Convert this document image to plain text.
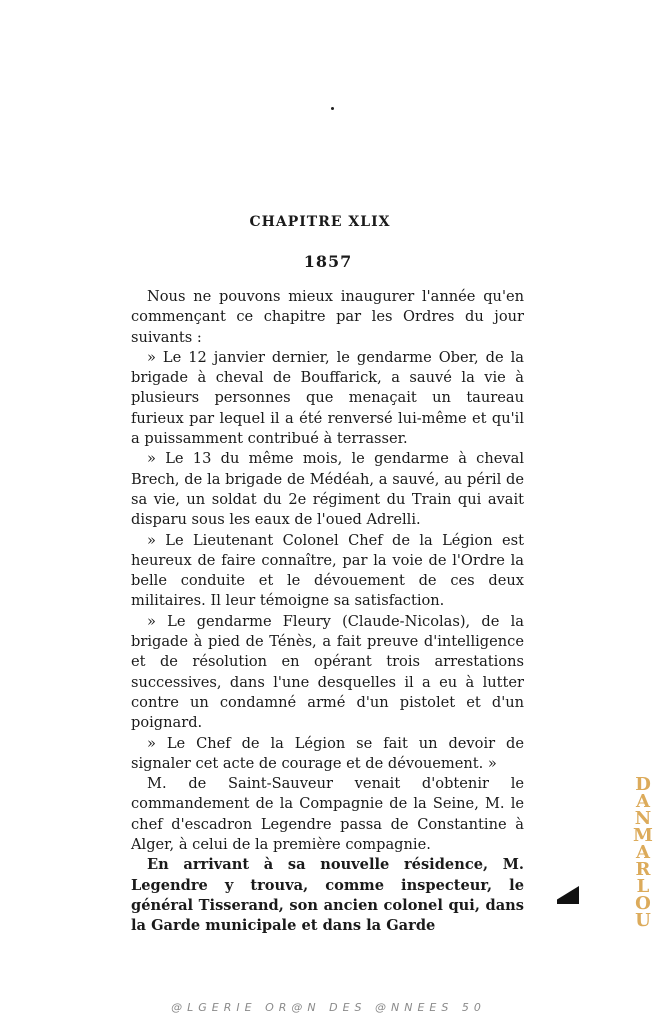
CHAPITRE XLIX
1857

Nous ne pouvons mieux inaugurer l'année qu'en commençant ce chapitre par les Ordres du jour suivants :

» Le 12 janvier dernier, le gendarme Ober, de la brigade à cheval de Bouffarick, a sauvé la vie à plusieurs personnes que menaçait un taureau furieux par lequel il a été renversé lui-même et qu'il a puissamment contribué à terrasser.

» Le 13 du même mois, le gendarme à cheval Brech, de la brigade de Médéah, a sauvé, au péril de sa vie, un soldat du 2e régiment du Train qui avait disparu sous les eaux de l'oued Adrelli.

» Le Lieutenant Colonel Chef de la Légion est heureux de faire connaître, par la voie de l'Ordre la belle conduite et le dévouement de ces deux militaires. Il leur témoigne sa satisfaction.

» Le gendarme Fleury (Claude-Nicolas), de la brigade à pied de Ténès, a fait preuve d'intelligence et de résolution en opérant trois arrestations successives, dans l'une desquelles il a eu à lutter contre un condamné armé d'un pistolet et d'un poignard.

» Le Chef de la Légion se fait un devoir de signaler cet acte de courage et de dévouement. »

M. de Saint-Sauveur venait d'obtenir le commandement de la Compagnie de la Seine, M. le chef d'escadron Legendre passa de Constantine à Alger, à celui de la première compagnie.

En arrivant à sa nouvelle résidence, M. Legendre y trouva, comme inspecteur, le général Tisserand, son ancien colonel qui, dans la Garde municipale et dans la Garde

D
A
N
M
A
R
L
O
U
@LGERIE OR@N DES @NNEES 50
